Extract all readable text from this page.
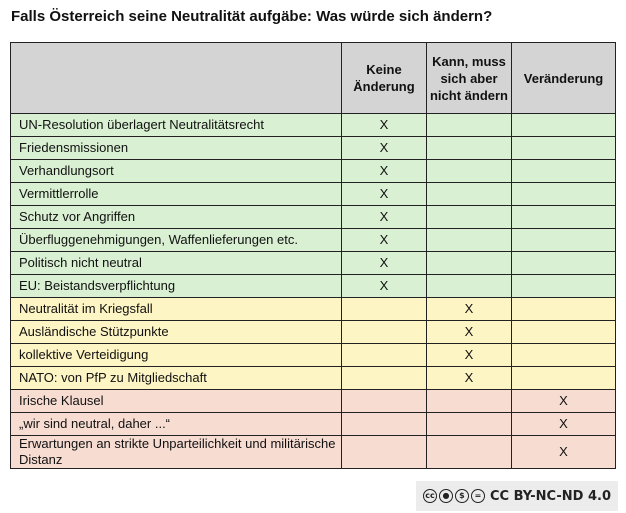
Falls Österreich seine Neutralität aufgäbe: Was würde sich ändern?
	Keine Änderung	Kann, muss sich aber nicht ändern	Veränderung
UN-Resolution überlagert Neutralitätsrecht	X		
Friedensmissionen	X		
Verhandlungsort	X		
Vermittlerrolle	X		
Schutz vor Angriffen	X		
Überfluggenehmigungen, Waffenlieferungen etc.	X		
Politisch nicht neutral	X		
EU: Beistandsverpflichtung	X		
Neutralität im Kriegsfall		X	
Ausländische Stützpunkte		X	
kollektive Verteidigung		X	
NATO: von PfP zu Mitgliedschaft		X	
Irische Klausel			X
„wir sind neutral, daher ...“			X
Erwartungen an strikte Unparteilichkeit und militärische Distanz			X
cc ●	$	= CC BY-NC-ND 4.0
